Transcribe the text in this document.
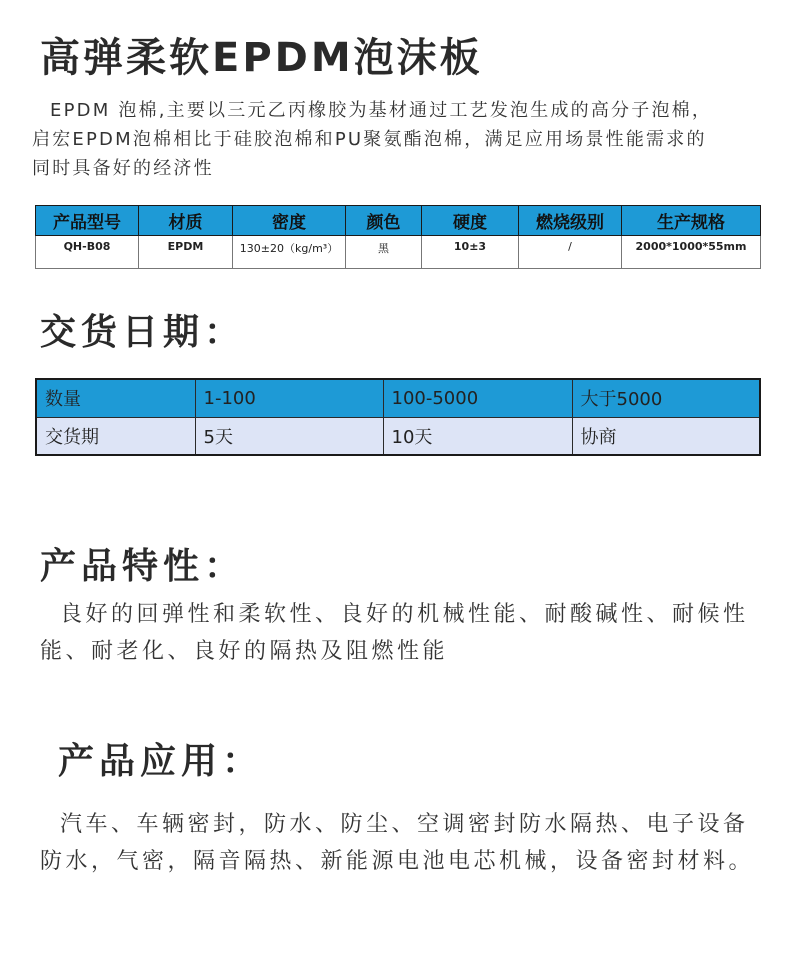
高弹柔软EPDM泡沫板

EPDM 泡棉,主要以三元乙丙橡胶为基材通过工艺发泡生成的高分子泡棉，

启宏EPDM泡棉相比于硅胶泡棉和PU聚氨酯泡棉，满足应用场景性能需求的

同时具备好的经济性

产品型号	材质	密度	颜色	硬度	燃烧级别	生产规格
QH-B08	EPDM	130±20（kg/m³）	黑	10±3	/	2000*1000*55mm
交货日期：
数量	1-100	100-5000	大于5000
交货期	5天	10天	协商
产品特性：
良好的回弹性和柔软性、良好的机械性能、耐酸碱性、耐候性能、耐老化、良好的隔热及阻燃性能
产品应用：
汽车、车辆密封，防水、防尘、空调密封防水隔热、电子设备防水，气密，隔音隔热、新能源电池电芯机械，设备密封材料。
